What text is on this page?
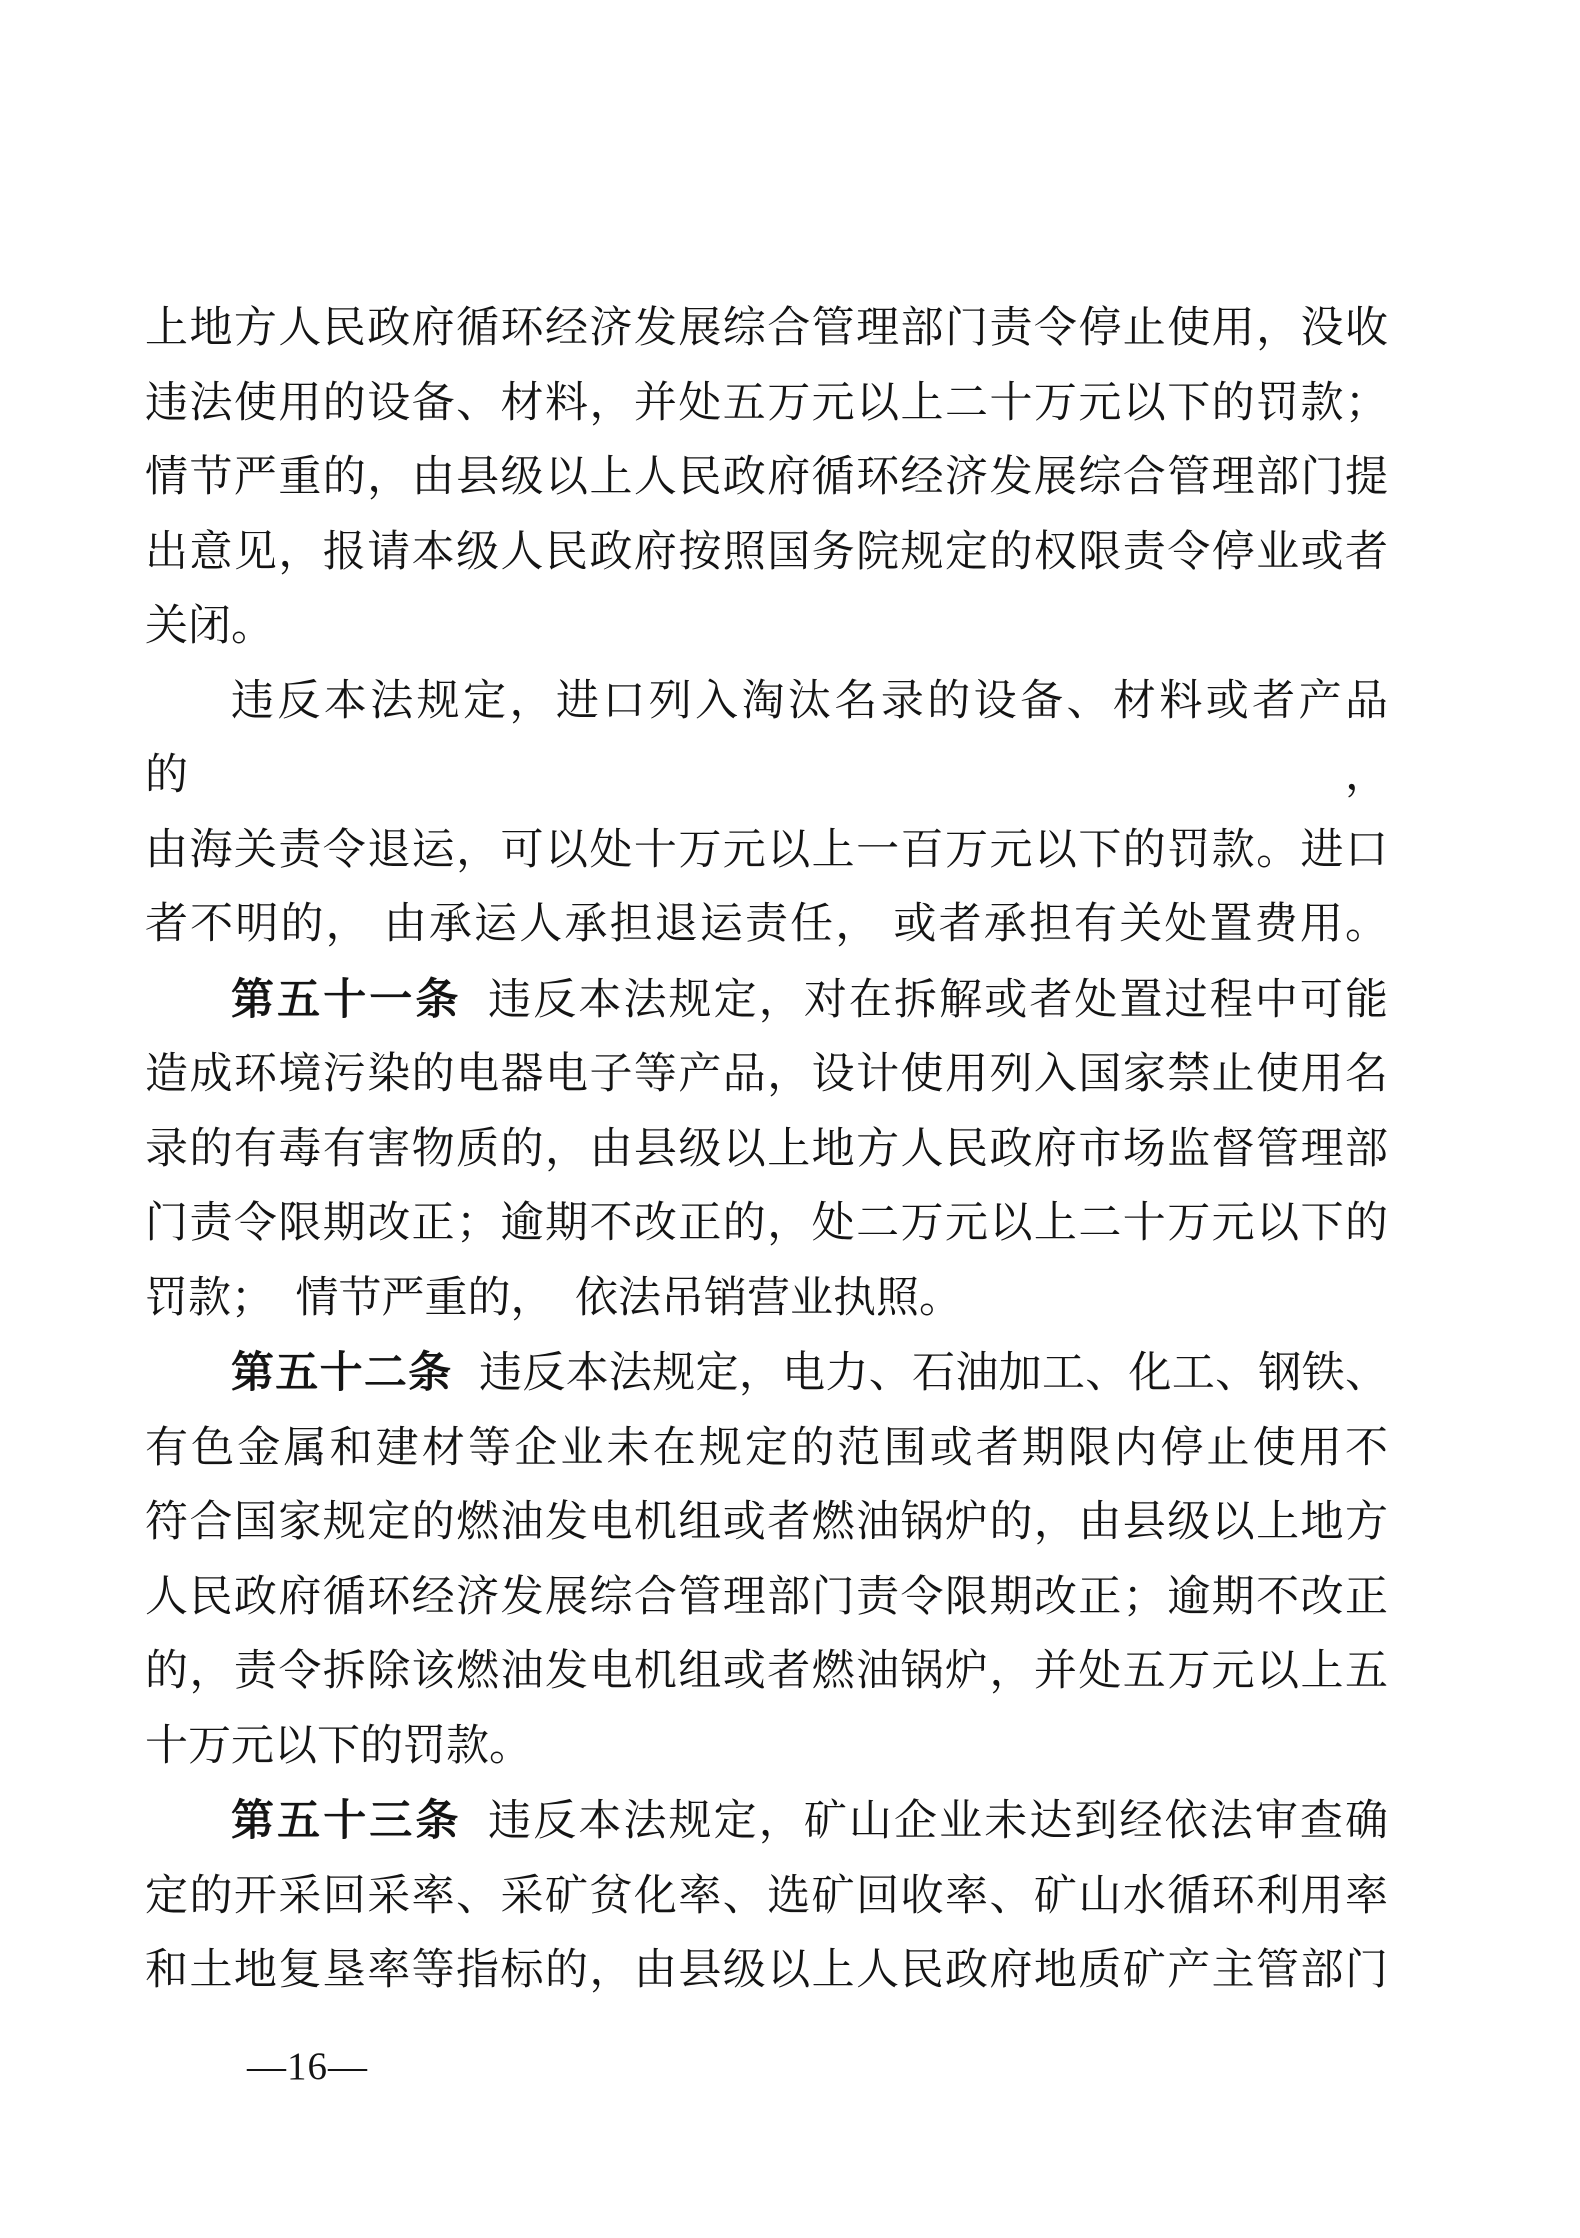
上地方人民政府循环经济发展综合管理部门责令停止使用，没收
违法使用的设备、材料，并处五万元以上二十万元以下的罚款；
情节严重的，由县级以上人民政府循环经济发展综合管理部门提
出意见，报请本级人民政府按照国务院规定的权限责令停业或者
关闭。
违反本法规定，进口列入淘汰名录的设备、材料或者产品的，
由海关责令退运，可以处十万元以上一百万元以下的罚款。进口
者不明的， 由承运人承担退运责任， 或者承担有关处置费用。
第五十一条 违反本法规定，对在拆解或者处置过程中可能
造成环境污染的电器电子等产品，设计使用列入国家禁止使用名
录的有毒有害物质的，由县级以上地方人民政府市场监督管理部
门责令限期改正；逾期不改正的，处二万元以上二十万元以下的
罚款；  情节严重的，  依法吊销营业执照。
第五十二条 违反本法规定，电力、石油加工、化工、钢铁、
有色金属和建材等企业未在规定的范围或者期限内停止使用不
符合国家规定的燃油发电机组或者燃油锅炉的，由县级以上地方
人民政府循环经济发展综合管理部门责令限期改正；逾期不改正
的，责令拆除该燃油发电机组或者燃油锅炉，并处五万元以上五
十万元以下的罚款。
第五十三条 违反本法规定，矿山企业未达到经依法审查确
定的开采回采率、采矿贫化率、选矿回收率、矿山水循环利用率
和土地复垦率等指标的，由县级以上人民政府地质矿产主管部门
—16—
